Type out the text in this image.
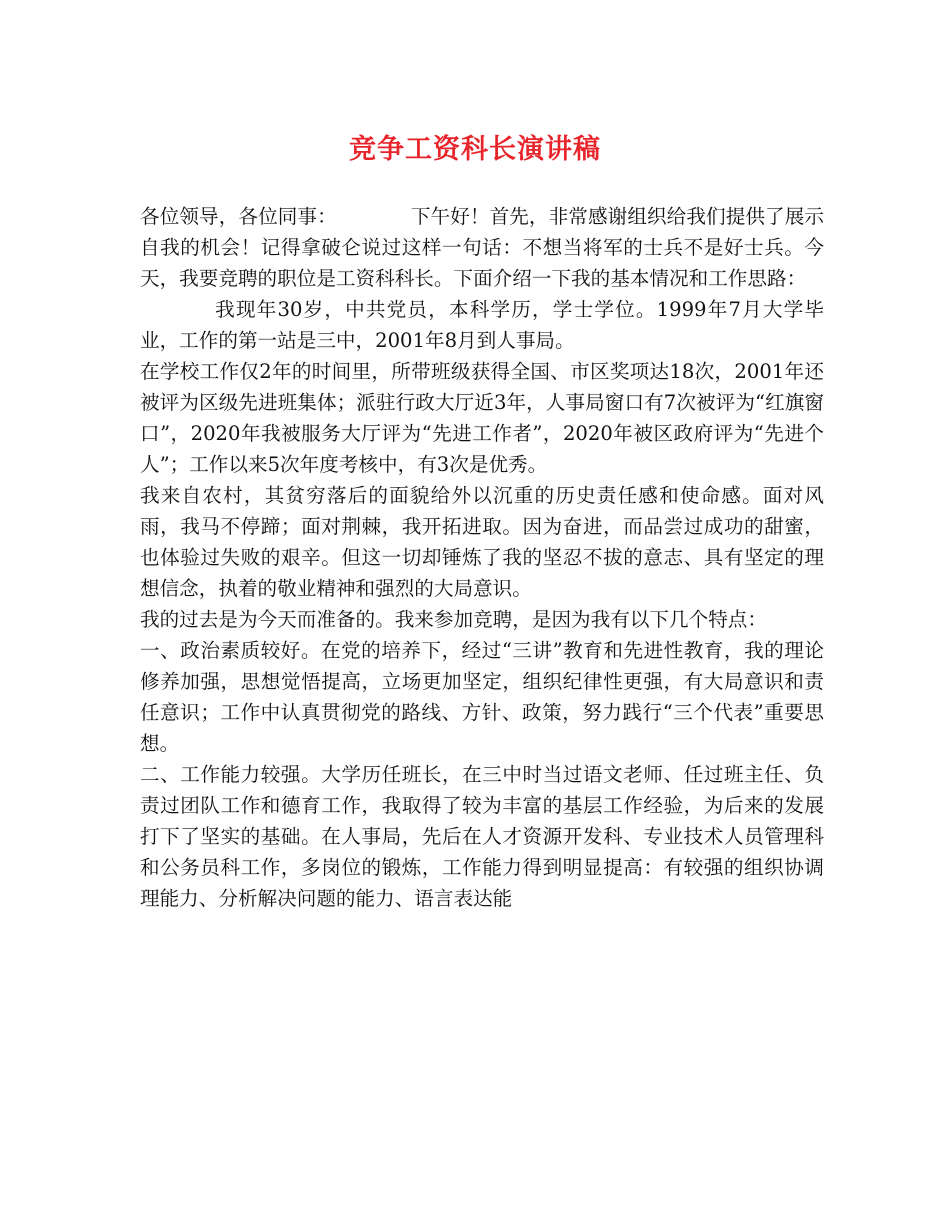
竞争工资科长演讲稿

各位领导，各位同事：	下午好！首先，非常感谢组织给我们提供了展示自我的机会！记得拿破仑说过这样一句话：不想当将军的士兵不是好士兵。今天，我要竞聘的职位是工资科科长。下面介绍一下我的基本情况和工作思路：

我现年30岁，中共党员，本科学历，学士学位。1999年7月大学毕业，工作的第一站是三中，2001年8月到人事局。

在学校工作仅2年的时间里，所带班级获得全国、市区奖项达18次，2001年还被评为区级先进班集体；派驻行政大厅近3年，人事局窗口有7次被评为“红旗窗口”，2020年我被服务大厅评为“先进工作者”，2020年被区政府评为“先进个人”；工作以来5次年度考核中，有3次是优秀。

我来自农村，其贫穷落后的面貌给外以沉重的历史责任感和使命感。面对风雨，我马不停蹄；面对荆棘，我开拓进取。因为奋进，而品尝过成功的甜蜜，也体验过失败的艰辛。但这一切却锤炼了我的坚忍不拔的意志、具有坚定的理想信念，执着的敬业精神和强烈的大局意识。

我的过去是为今天而准备的。我来参加竞聘，是因为我有以下几个特点：

一、政治素质较好。在党的培养下，经过“三讲”教育和先进性教育，我的理论修养加强，思想觉悟提高，立场更加坚定，组织纪律性更强，有大局意识和责任意识；工作中认真贯彻党的路线、方针、政策，努力践行“三个代表”重要思想。

二、工作能力较强。大学历任班长，在三中时当过语文老师、任过班主任、负责过团队工作和德育工作，我取得了较为丰富的基层工作经验，为后来的发展打下了坚实的基础。在人事局，先后在人才资源开发科、专业技术人员管理科和公务员科工作，多岗位的锻炼，工作能力得到明显提高：有较强的组织协调理能力、分析解决问题的能力、语言表达能
